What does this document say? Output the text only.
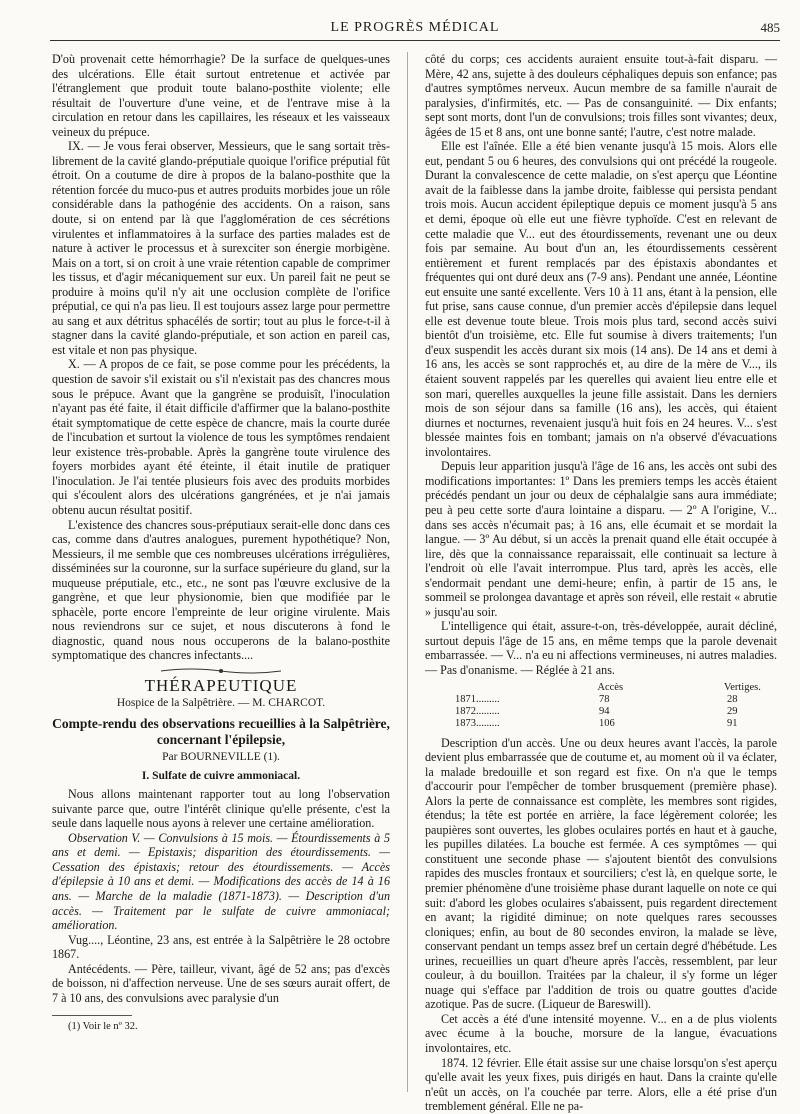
LE PROGRÈS MÉDICAL	485

D'où provenait cette hémorrhagie? De la surface de quelques-unes des ulcérations. Elle était surtout entretenue et activée par l'étranglement que produit toute balano-posthite violente; elle résultait de l'ouverture d'une veine, et de l'entrave mise à la circulation en retour dans les capillaires, les réseaux et les vaisseaux veineux du prépuce.

IX. — Je vous ferai observer, Messieurs, que le sang sortait très-librement de la cavité glando-préputiale quoique l'orifice préputial fût étroit. On a coutume de dire à propos de la balano-posthite que la rétention forcée du muco-pus et autres produits morbides joue un rôle considérable dans la pathogénie des accidents. On a raison, sans doute, si on entend par là que l'agglomération de ces sécrétions virulentes et inflammatoires à la surface des parties malades est de nature à activer le processus et à surexciter son énergie morbigène. Mais on a tort, si on croit à une vraie rétention capable de comprimer les tissus, et d'agir mécaniquement sur eux. Un pareil fait ne peut se produire à moins qu'il n'y ait une occlusion complète de l'orifice préputial, ce qui n'a pas lieu. Il est toujours assez large pour permettre au sang et aux détritus sphacélés de sortir; tout au plus le force-t-il à stagner dans la cavité glando-préputiale, et son action en pareil cas, est vitale et non pas physique.

X. — A propos de ce fait, se pose comme pour les précédents, la question de savoir s'il existait ou s'il n'existait pas des chancres mous sous le prépuce. Avant que la gangrène se produisît, l'inoculation n'ayant pas été faite, il était difficile d'affirmer que la balano-posthite était symptomatique de cette espèce de chancre, mais la courte durée de l'incubation et surtout la violence de tous les symptômes rendaient leur existence très-probable. Après la gangrène toute virulence des foyers morbides ayant été éteinte, il était inutile de pratiquer l'inoculation. Je l'ai tentée plusieurs fois avec des produits morbides qui s'écoulent alors des ulcérations gangrénées, et je n'ai jamais obtenu aucun résultat positif.

L'existence des chancres sous-préputiaux serait-elle donc dans ces cas, comme dans d'autres analogues, purement hypothétique? Non, Messieurs, il me semble que ces nombreuses ulcérations irrégulières, disséminées sur la couronne, sur la surface supérieure du gland, sur la muqueuse préputiale, etc., etc., ne sont pas l'œuvre exclusive de la gangrène, et que leur physionomie, bien que modifiée par le sphacèle, porte encore l'empreinte de leur origine virulente. Mais nous reviendrons sur ce sujet, et nous discuterons à fond le diagnostic, quand nous nous occuperons de la balano-posthite symptomatique des chancres infectants....

THÉRAPEUTIQUE
Hospice de la Salpêtrière. — M. CHARCOT.
Compte-rendu des observations recueillies à la Salpêtrière, concernant l'épilepsie,
Par BOURNEVILLE (1).
I. Sulfate de cuivre ammoniacal.

Nous allons maintenant rapporter tout au long l'observation suivante parce que, outre l'intérêt clinique qu'elle présente, c'est la seule dans laquelle nous ayons à relever une certaine amélioration.

Observation V. — Convulsions à 15 mois. — Étourdissements à 5 ans et demi. — Epistaxis; disparition des étourdissements. — Cessation des épistaxis; retour des étourdissements. — Accès d'épilepsie à 10 ans et demi. — Modifications des accès de 14 à 16 ans. — Marche de la maladie (1871-1873). — Description d'un accès. — Traitement par le sulfate de cuivre ammoniacal; amélioration.

Vug...., Léontine, 23 ans, est entrée à la Salpêtrière le 28 octobre 1867.

Antécédents. — Père, tailleur, vivant, âgé de 52 ans; pas d'excès de boisson, ni d'affection nerveuse. Une de ses sœurs aurait offert, de 7 à 10 ans, des convulsions avec paralysie d'un

(1) Voir le nº 32.

côté du corps; ces accidents auraient ensuite tout-à-fait disparu. — Mère, 42 ans, sujette à des douleurs céphaliques depuis son enfance; pas d'autres symptômes nerveux. Aucun membre de sa famille n'aurait de paralysies, d'infirmités, etc. — Pas de consanguinité. — Dix enfants; sept sont morts, dont l'un de convulsions; trois filles sont vivantes; deux, âgées de 15 et 8 ans, ont une bonne santé; l'autre, c'est notre malade.

Elle est l'aînée. Elle a été bien venante jusqu'à 15 mois. Alors elle eut, pendant 5 ou 6 heures, des convulsions qui ont précédé la rougeole. Durant la convalescence de cette maladie, on s'est aperçu que Léontine avait de la faiblesse dans la jambe droite, faiblesse qui persista pendant trois mois. Aucun accident épileptique depuis ce moment jusqu'à 5 ans et demi, époque où elle eut une fièvre typhoïde. C'est en relevant de cette maladie que V... eut des étourdissements, revenant une ou deux fois par semaine. Au bout d'un an, les étourdissements cessèrent entièrement et furent remplacés par des épistaxis abondantes et fréquentes qui ont duré deux ans (7-9 ans). Pendant une année, Léontine eut ensuite une santé excellente. Vers 10 à 11 ans, étant à la pension, elle fut prise, sans cause connue, d'un premier accès d'épilepsie dans lequel elle est devenue toute bleue. Trois mois plus tard, second accès suivi bientôt d'un troisième, etc. Elle fut soumise à divers traitements; l'un d'eux suspendit les accès durant six mois (14 ans). De 14 ans et demi à 16 ans, les accès se sont rapprochés et, au dire de la mère de V..., ils étaient souvent rappelés par les querelles qui avaient lieu entre elle et son mari, querelles auxquelles la jeune fille assistait. Dans les derniers mois de son séjour dans sa famille (16 ans), les accès, qui étaient diurnes et nocturnes, revenaient jusqu'à huit fois en 24 heures. V... s'est blessée maintes fois en tombant; jamais on n'a observé d'évacuations involontaires.

Depuis leur apparition jusqu'à l'âge de 16 ans, les accès ont subi des modifications importantes: 1º Dans les premiers temps les accès étaient précédés pendant un jour ou deux de céphalalgie sans aura immédiate; peu à peu cette sorte d'aura lointaine a disparu. — 2º A l'origine, V... dans ses accès n'écumait pas; à 16 ans, elle écumait et se mordait la langue. — 3º Au début, si un accès la prenait quand elle était occupée à lire, dès que la connaissance reparaissait, elle continuait sa lecture à l'endroit où elle l'avait interrompue. Plus tard, après les accès, elle s'endormait pendant une demi-heure; enfin, à partir de 15 ans, le sommeil se prolongea davantage et après son réveil, elle restait « abrutie » jusqu'au soir.

L'intelligence qui était, assure-t-on, très-développée, aurait décliné, surtout depuis l'âge de 15 ans, en même temps que la parole devenait embarrassée. — V... n'a eu ni affections vermineuses, ni autres maladies. — Pas d'onanisme. — Réglée à 21 ans.

Accès	Vertiges.
1871.........	78	28
1872.........	94	29
1873.........	106	91

Description d'un accès. Une ou deux heures avant l'accès, la parole devient plus embarrassée que de coutume et, au moment où il va éclater, la malade bredouille et son regard est fixe. On n'a que le temps d'accourir pour l'empêcher de tomber brusquement (première phase). Alors la perte de connaissance est complète, les membres sont rigides, étendus; la tête est portée en arrière, la face légèrement colorée; les paupières sont ouvertes, les globes oculaires portés en haut et à gauche, les pupilles dilatées. La bouche est fermée. A ces symptômes — qui constituent une seconde phase — s'ajoutent bientôt des convulsions rapides des muscles frontaux et sourciliers; c'est là, en quelque sorte, le premier phénomène d'une troisième phase durant laquelle on note ce qui suit: d'abord les globes oculaires s'abaissent, puis regardent directement en avant; la rigidité diminue; on note quelques rares secousses cloniques; enfin, au bout de 80 secondes environ, la malade se lève, conservant pendant un temps assez bref un certain degré d'hébétude. Les urines, recueillies un quart d'heure après l'accès, ressemblent, par leur couleur, à du bouillon. Traitées par la chaleur, il s'y forme un léger nuage qui s'efface par l'addition de trois ou quatre gouttes d'acide azotique. Pas de sucre. (Liqueur de Bareswill).

Cet accès a été d'une intensité moyenne. V... en a de plus violents avec écume à la bouche, morsure de la langue, évacuations involontaires, etc.

1874. 12 février. Elle était assise sur une chaise lorsqu'on s'est aperçu qu'elle avait les yeux fixes, puis dirigés en haut. Dans la crainte qu'elle n'eût un accès, on l'a couchée par terre. Alors, elle a été prise d'un tremblement général. Elle ne pa-
